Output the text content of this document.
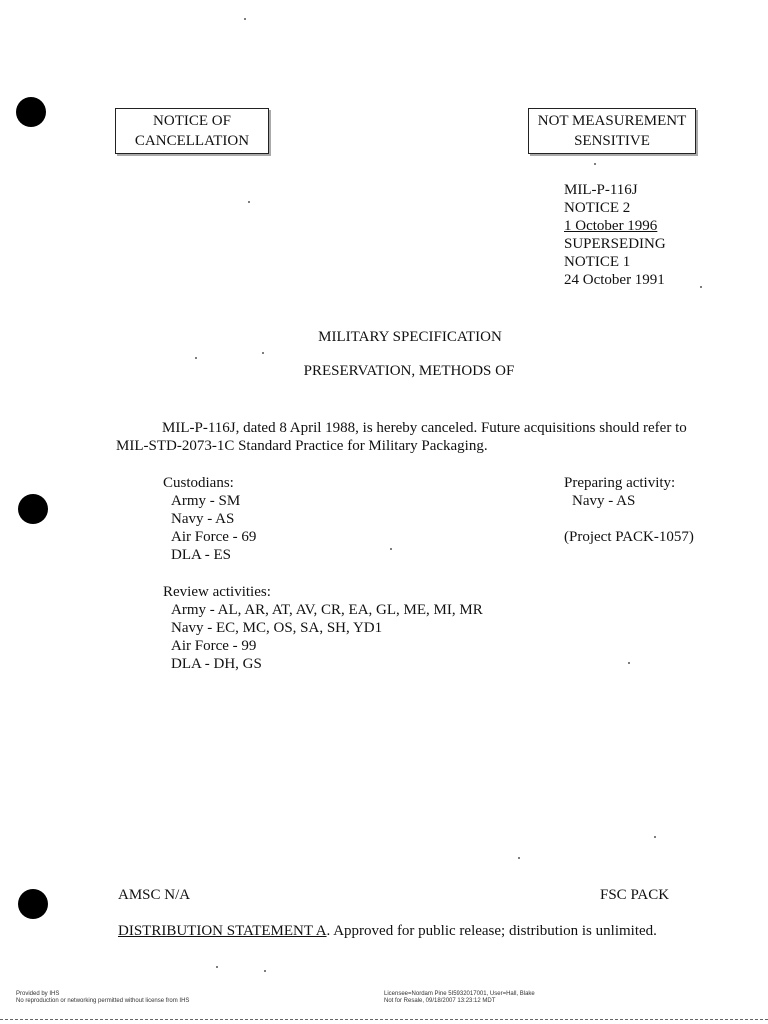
NOTICE OF
CANCELLATION
NOT MEASUREMENT
SENSITIVE
MIL-P-116J
NOTICE 2
1 October 1996
SUPERSEDING
NOTICE 1
24 October 1991
MILITARY SPECIFICATION
PRESERVATION, METHODS OF
MIL-P-116J, dated 8 April 1988, is hereby canceled. Future acquisitions should refer to
MIL-STD-2073-1C Standard Practice for Military Packaging.
Custodians:
Army - SM
Navy - AS
Air Force - 69
DLA - ES
Preparing activity:
Navy - AS

(Project PACK-1057)
Review activities:
Army - AL, AR, AT, AV, CR, EA, GL, ME, MI, MR
Navy - EC, MC, OS, SA, SH, YD1
Air Force - 99
DLA - DH, GS
AMSC N/A	FSC PACK
DISTRIBUTION STATEMENT A. Approved for public release; distribution is unlimited.
Provided by IHS
No reproduction or networking permitted without license from IHS
Licensee=Nordam Pine 5I5932017001, User=Hall, Blake
Not for Resale, 09/18/2007 13:23:12 MDT
